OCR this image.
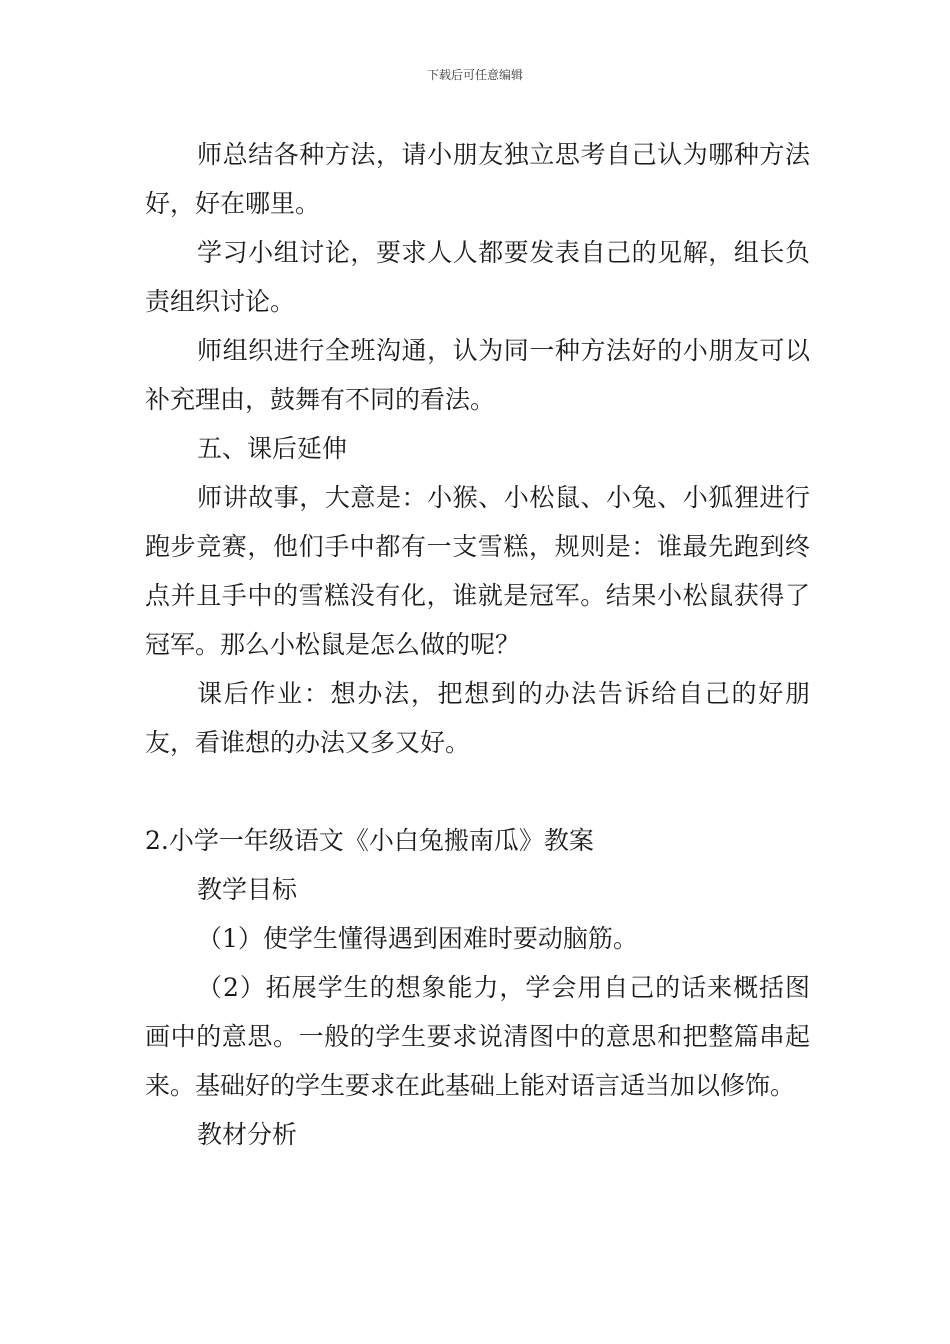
下载后可任意编辑

师总结各种方法，请小朋友独立思考自己认为哪种方法好，好在哪里。

学习小组讨论，要求人人都要发表自己的见解，组长负责组织讨论。

师组织进行全班沟通，认为同一种方法好的小朋友可以补充理由，鼓舞有不同的看法。

五、课后延伸

师讲故事，大意是：小猴、小松鼠、小兔、小狐狸进行跑步竞赛，他们手中都有一支雪糕，规则是：谁最先跑到终点并且手中的雪糕没有化，谁就是冠军。结果小松鼠获得了冠军。那么小松鼠是怎么做的呢？

课后作业：想办法，把想到的办法告诉给自己的好朋友，看谁想的办法又多又好。

2.小学一年级语文《小白兔搬南瓜》教案

教学目标

（1）使学生懂得遇到困难时要动脑筋。

（2）拓展学生的想象能力，学会用自己的话来概括图画中的意思。一般的学生要求说清图中的意思和把整篇串起来。基础好的学生要求在此基础上能对语言适当加以修饰。

教材分析
